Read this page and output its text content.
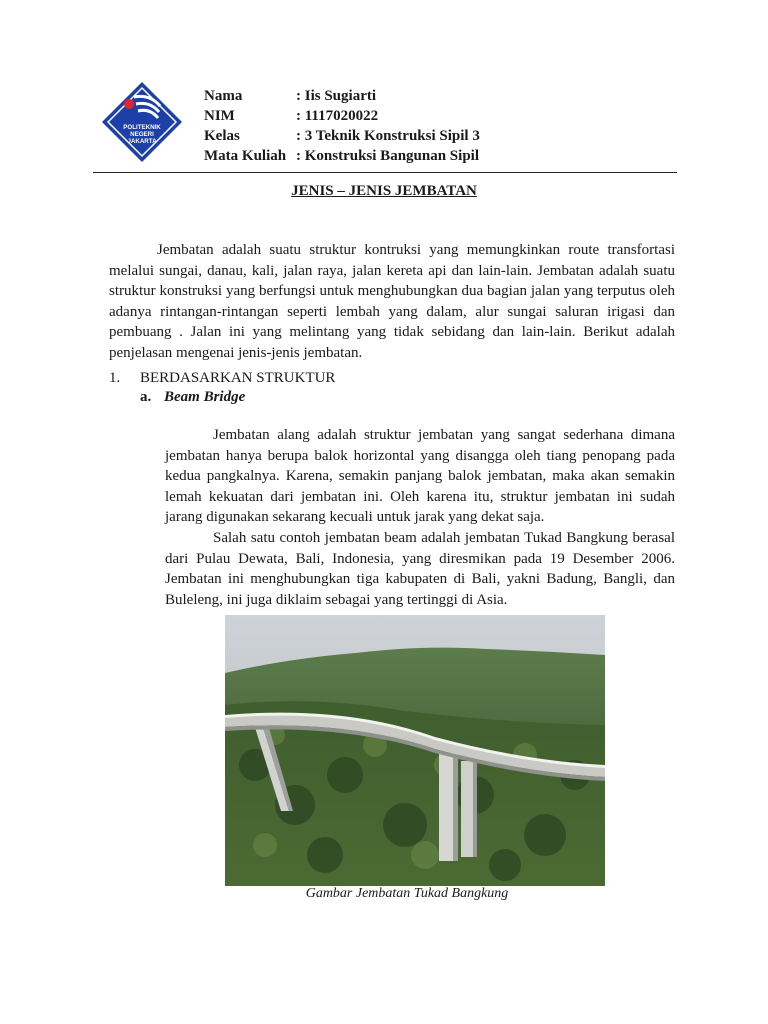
POLITEKNIK
NEGERI
JAKARTA
Nama	: Iis Sugiarti
NIM	: 1117020022
Kelas	: 3 Teknik Konstruksi Sipil 3
Mata Kuliah : Konstruksi Bangunan Sipil
JENIS – JENIS JEMBATAN

Jembatan adalah suatu struktur kontruksi yang memungkinkan route transfortasi melalui sungai, danau, kali, jalan raya, jalan kereta api dan lain-lain. Jembatan adalah suatu struktur konstruksi yang berfungsi untuk menghubungkan dua bagian jalan yang terputus oleh adanya rintangan-rintangan seperti lembah yang dalam, alur sungai saluran irigasi dan pembuang . Jalan ini yang melintang yang tidak sebidang dan lain-lain. Berikut adalah penjelasan mengenai jenis-jenis jembatan.

1. BERDASARKAN STRUKTUR
a. Beam Bridge

Jembatan alang adalah struktur jembatan yang sangat sederhana dimana jembatan hanya berupa balok horizontal yang disangga oleh tiang penopang pada kedua pangkalnya. Karena, semakin panjang balok jembatan, maka akan semakin lemah kekuatan dari jembatan ini. Oleh karena itu, struktur jembatan ini sudah jarang digunakan sekarang kecuali untuk jarak yang dekat saja.

Salah satu contoh jembatan beam adalah jembatan Tukad Bangkung berasal dari Pulau Dewata, Bali, Indonesia, yang diresmikan pada 19 Desember 2006. Jembatan ini menghubungkan tiga kabupaten di Bali, yakni Badung, Bangli, dan Buleleng, ini juga diklaim sebagai yang tertinggi di Asia.

Gambar Jembatan Tukad Bangkung
